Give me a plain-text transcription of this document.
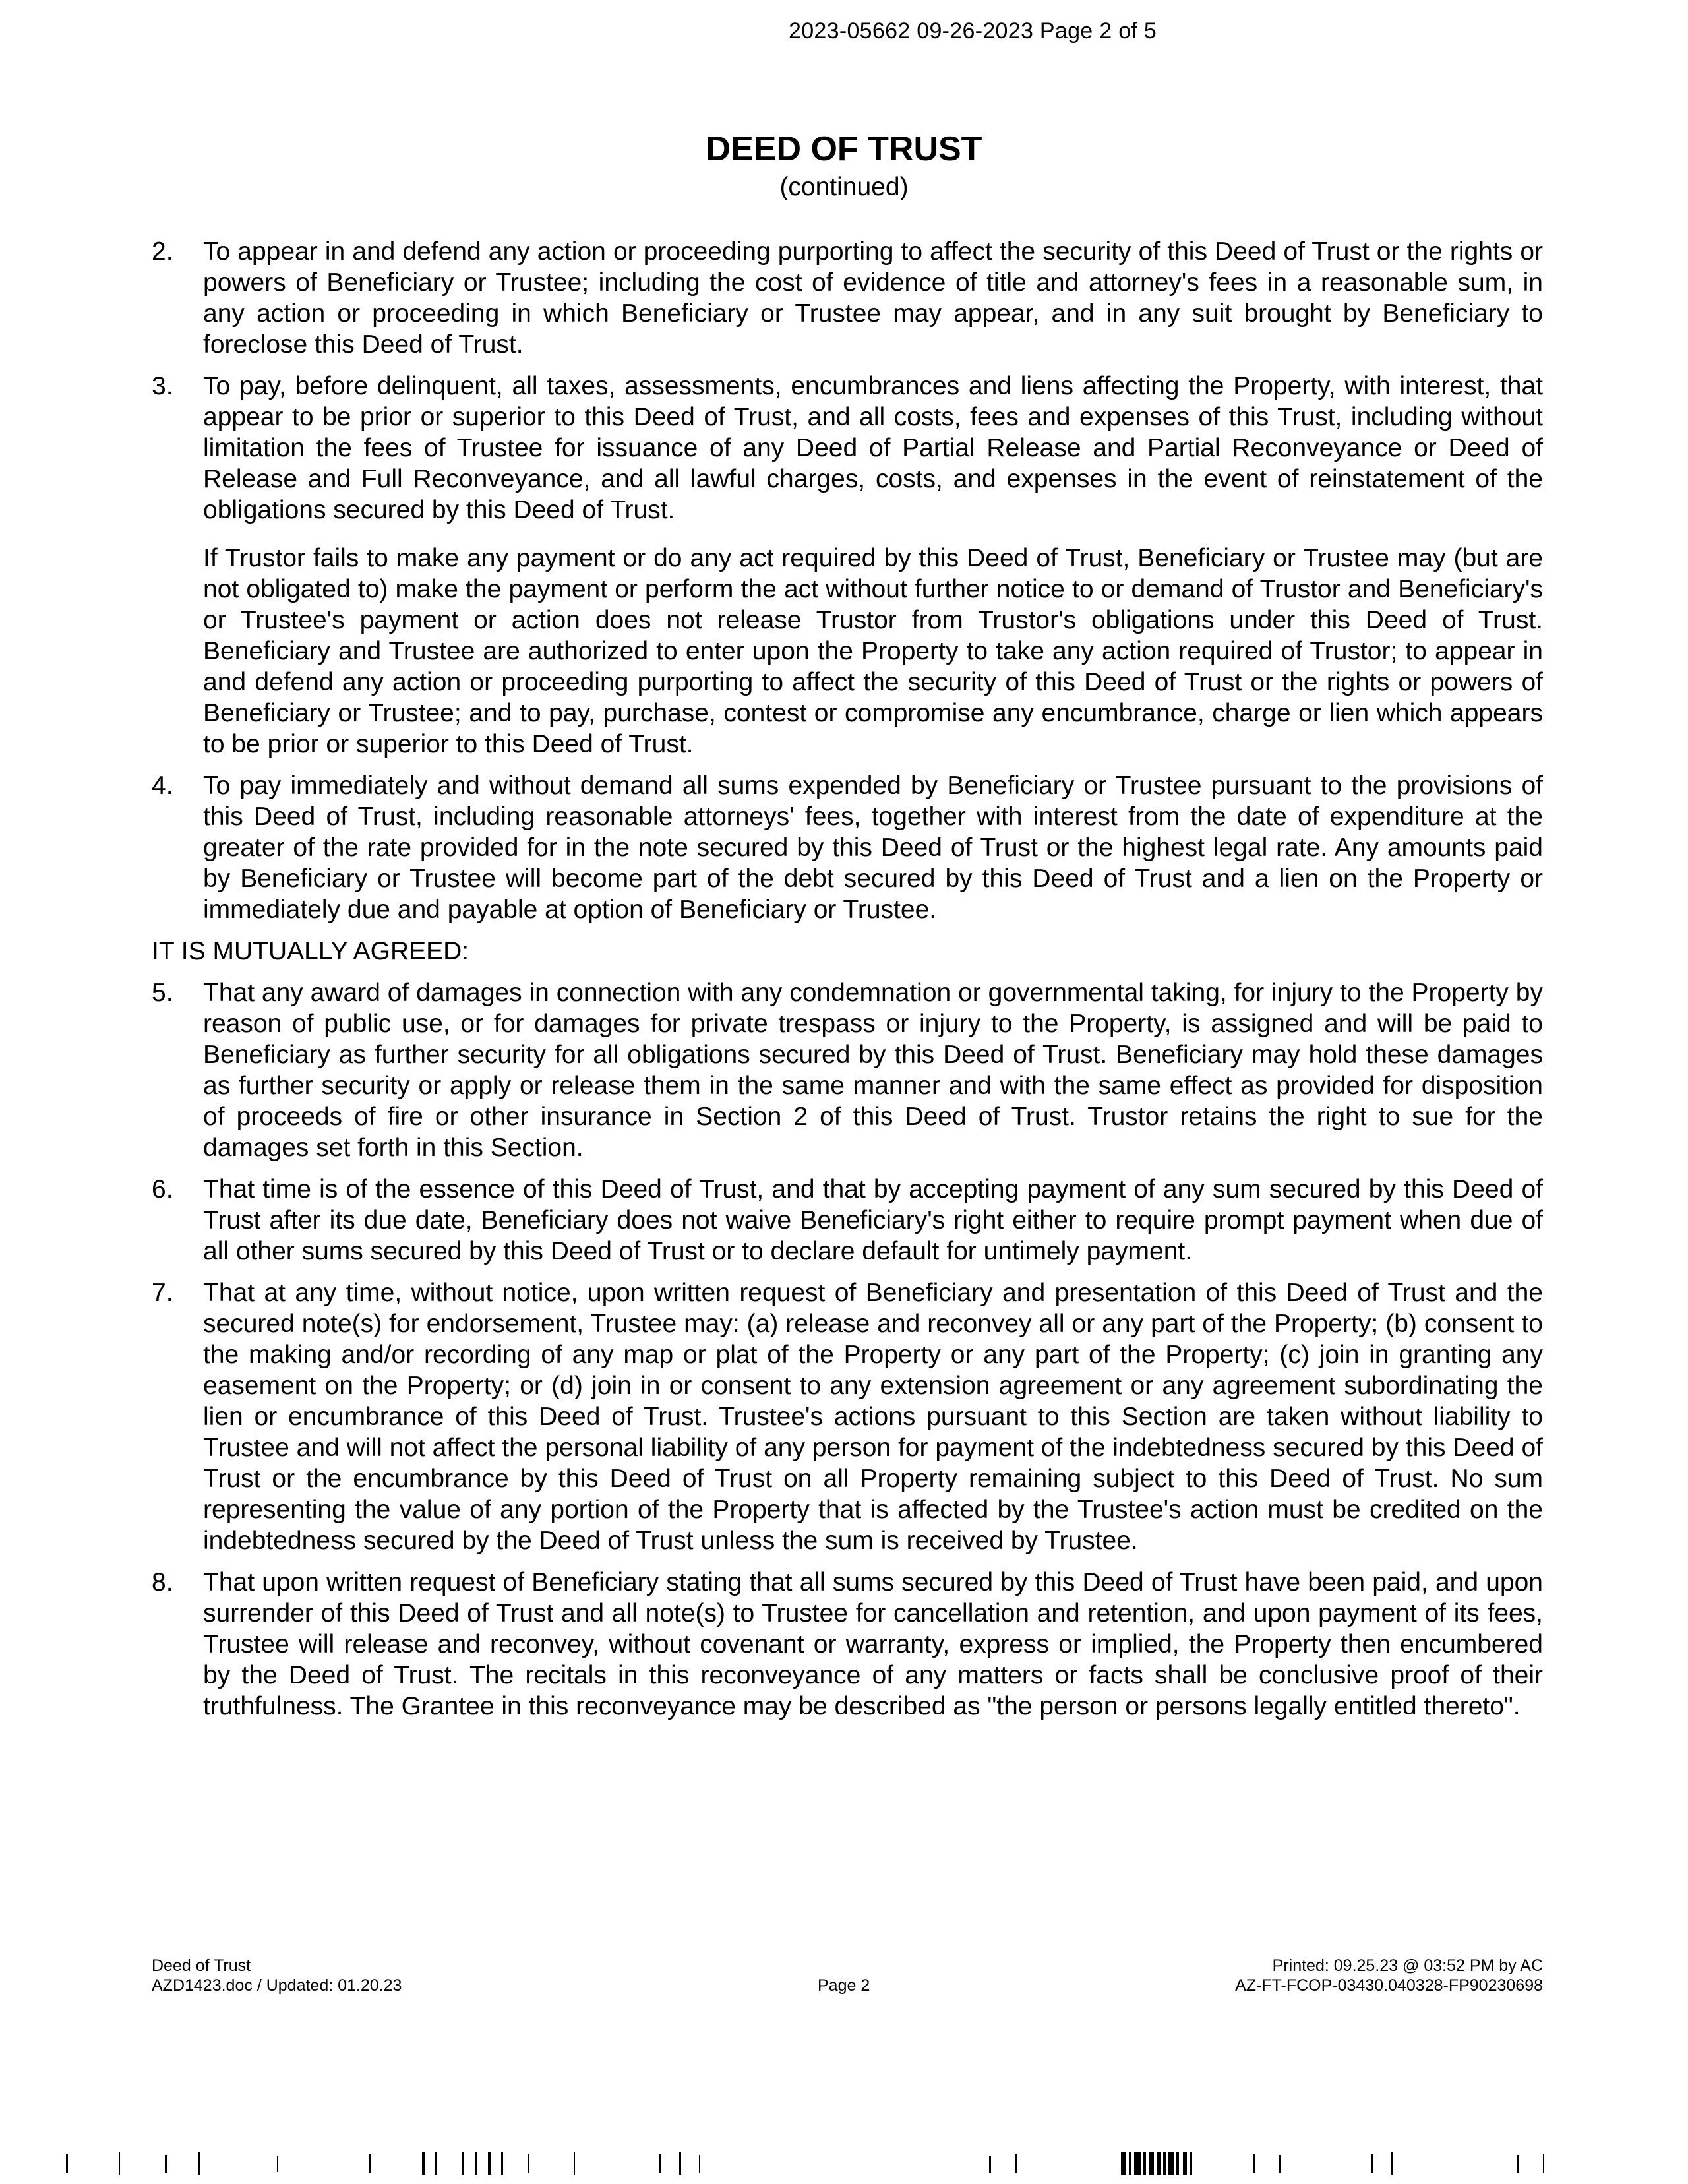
2023-05662 09-26-2023 Page 2 of 5
DEED OF TRUST
(continued)
2. To appear in and defend any action or proceeding purporting to affect the security of this Deed of Trust or the rights or powers of Beneficiary or Trustee; including the cost of evidence of title and attorney's fees in a reasonable sum, in any action or proceeding in which Beneficiary or Trustee may appear, and in any suit brought by Beneficiary to foreclose this Deed of Trust.

3. To pay, before delinquent, all taxes, assessments, encumbrances and liens affecting the Property, with interest, that appear to be prior or superior to this Deed of Trust, and all costs, fees and expenses of this Trust, including without limitation the fees of Trustee for issuance of any Deed of Partial Release and Partial Reconveyance or Deed of Release and Full Reconveyance, and all lawful charges, costs, and expenses in the event of reinstatement of the obligations secured by this Deed of Trust.

If Trustor fails to make any payment or do any act required by this Deed of Trust, Beneficiary or Trustee may (but are not obligated to) make the payment or perform the act without further notice to or demand of Trustor and Beneficiary's or Trustee's payment or action does not release Trustor from Trustor's obligations under this Deed of Trust. Beneficiary and Trustee are authorized to enter upon the Property to take any action required of Trustor; to appear in and defend any action or proceeding purporting to affect the security of this Deed of Trust or the rights or powers of Beneficiary or Trustee; and to pay, purchase, contest or compromise any encumbrance, charge or lien which appears to be prior or superior to this Deed of Trust.

4. To pay immediately and without demand all sums expended by Beneficiary or Trustee pursuant to the provisions of this Deed of Trust, including reasonable attorneys' fees, together with interest from the date of expenditure at the greater of the rate provided for in the note secured by this Deed of Trust or the highest legal rate. Any amounts paid by Beneficiary or Trustee will become part of the debt secured by this Deed of Trust and a lien on the Property or immediately due and payable at option of Beneficiary or Trustee.

IT IS MUTUALLY AGREED:

5. That any award of damages in connection with any condemnation or governmental taking, for injury to the Property by reason of public use, or for damages for private trespass or injury to the Property, is assigned and will be paid to Beneficiary as further security for all obligations secured by this Deed of Trust. Beneficiary may hold these damages as further security or apply or release them in the same manner and with the same effect as provided for disposition of proceeds of fire or other insurance in Section 2 of this Deed of Trust. Trustor retains the right to sue for the damages set forth in this Section.

6. That time is of the essence of this Deed of Trust, and that by accepting payment of any sum secured by this Deed of Trust after its due date, Beneficiary does not waive Beneficiary's right either to require prompt payment when due of all other sums secured by this Deed of Trust or to declare default for untimely payment.

7. That at any time, without notice, upon written request of Beneficiary and presentation of this Deed of Trust and the secured note(s) for endorsement, Trustee may: (a) release and reconvey all or any part of the Property; (b) consent to the making and/or recording of any map or plat of the Property or any part of the Property; (c) join in granting any easement on the Property; or (d) join in or consent to any extension agreement or any agreement subordinating the lien or encumbrance of this Deed of Trust. Trustee's actions pursuant to this Section are taken without liability to Trustee and will not affect the personal liability of any person for payment of the indebtedness secured by this Deed of Trust or the encumbrance by this Deed of Trust on all Property remaining subject to this Deed of Trust. No sum representing the value of any portion of the Property that is affected by the Trustee's action must be credited on the indebtedness secured by the Deed of Trust unless the sum is received by Trustee.

8. That upon written request of Beneficiary stating that all sums secured by this Deed of Trust have been paid, and upon surrender of this Deed of Trust and all note(s) to Trustee for cancellation and retention, and upon payment of its fees, Trustee will release and reconvey, without covenant or warranty, express or implied, the Property then encumbered by the Deed of Trust. The recitals in this reconveyance of any matters or facts shall be conclusive proof of their truthfulness. The Grantee in this reconveyance may be described as "the person or persons legally entitled thereto".

Deed of Trust
AZD1423.doc / Updated: 01.20.23	Page 2
Printed: 09.25.23 @ 03:52 PM by AC
AZ-FT-FCOP-03430.040328-FP90230698
